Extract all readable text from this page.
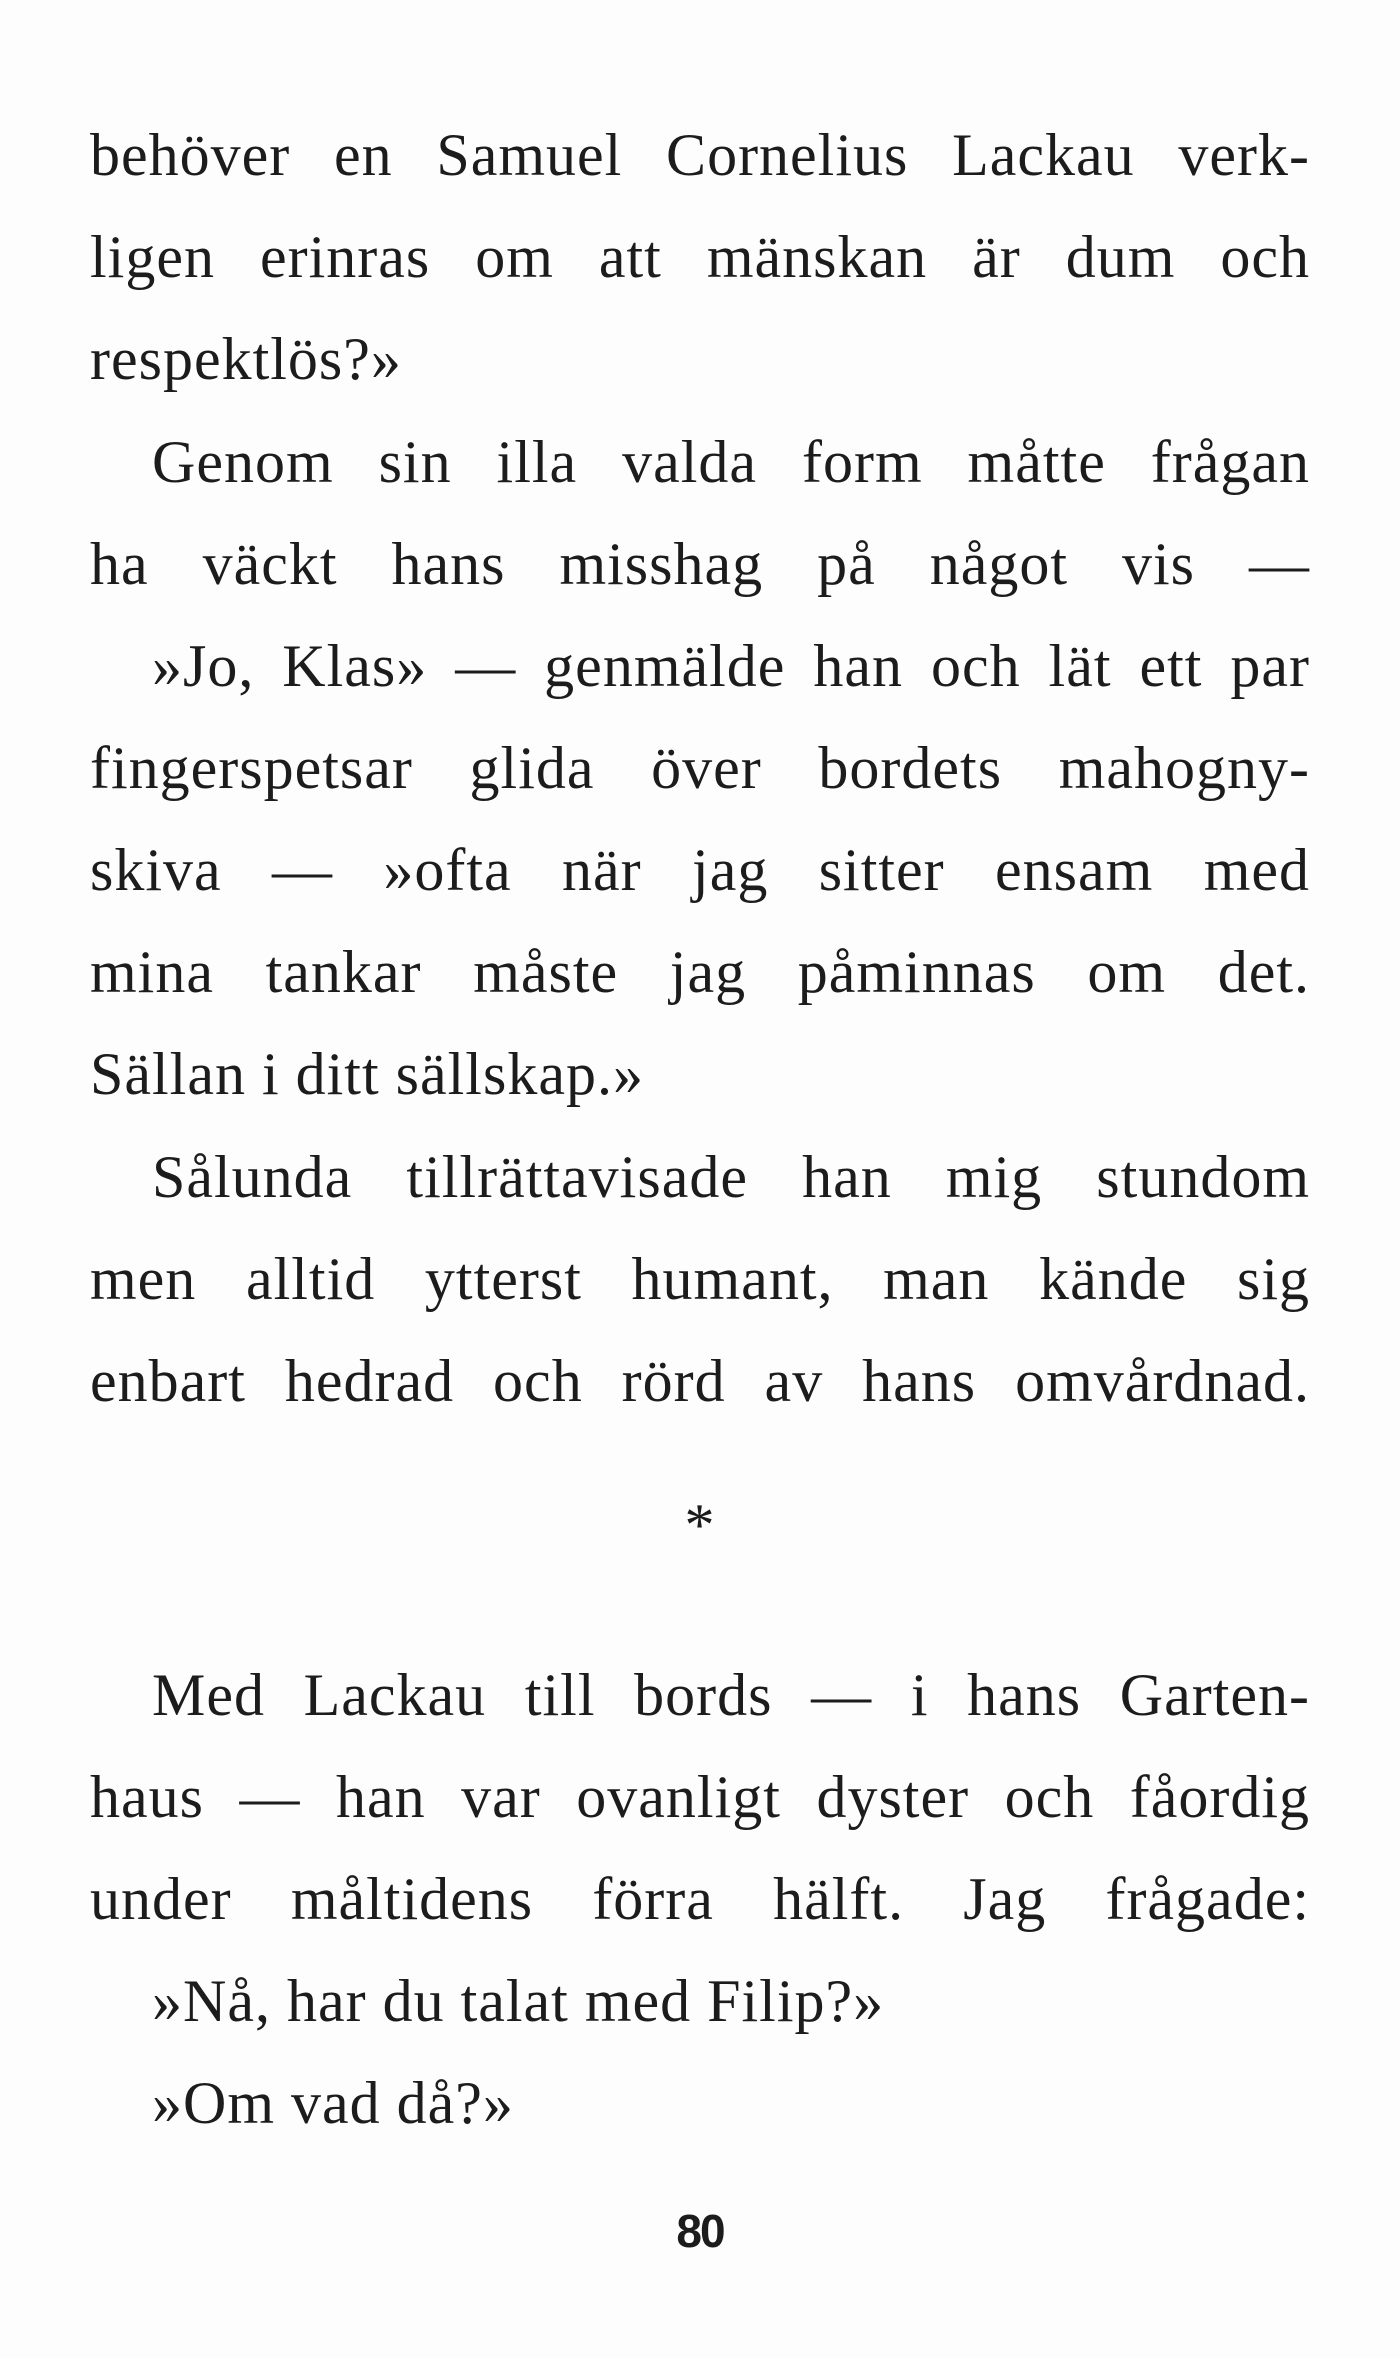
behöver en Samuel Cornelius Lackau verk-
ligen erinras om att mänskan är dum och
respektlös?»
Genom sin illa valda form måtte frågan
ha väckt hans misshag på något vis —
»Jo, Klas» — genmälde han och lät ett par
fingerspetsar glida över bordets mahogny-
skiva — »ofta när jag sitter ensam med
mina tankar måste jag påminnas om det.
Sällan i ditt sällskap.»
Sålunda tillrättavisade han mig stundom
men alltid ytterst humant, man kände sig
enbart hedrad och rörd av hans omvårdnad.
*
Med Lackau till bords — i hans Garten-
haus — han var ovanligt dyster och fåordig
under måltidens förra hälft. Jag frågade:
»Nå, har du talat med Filip?»
»Om vad då?»
80
